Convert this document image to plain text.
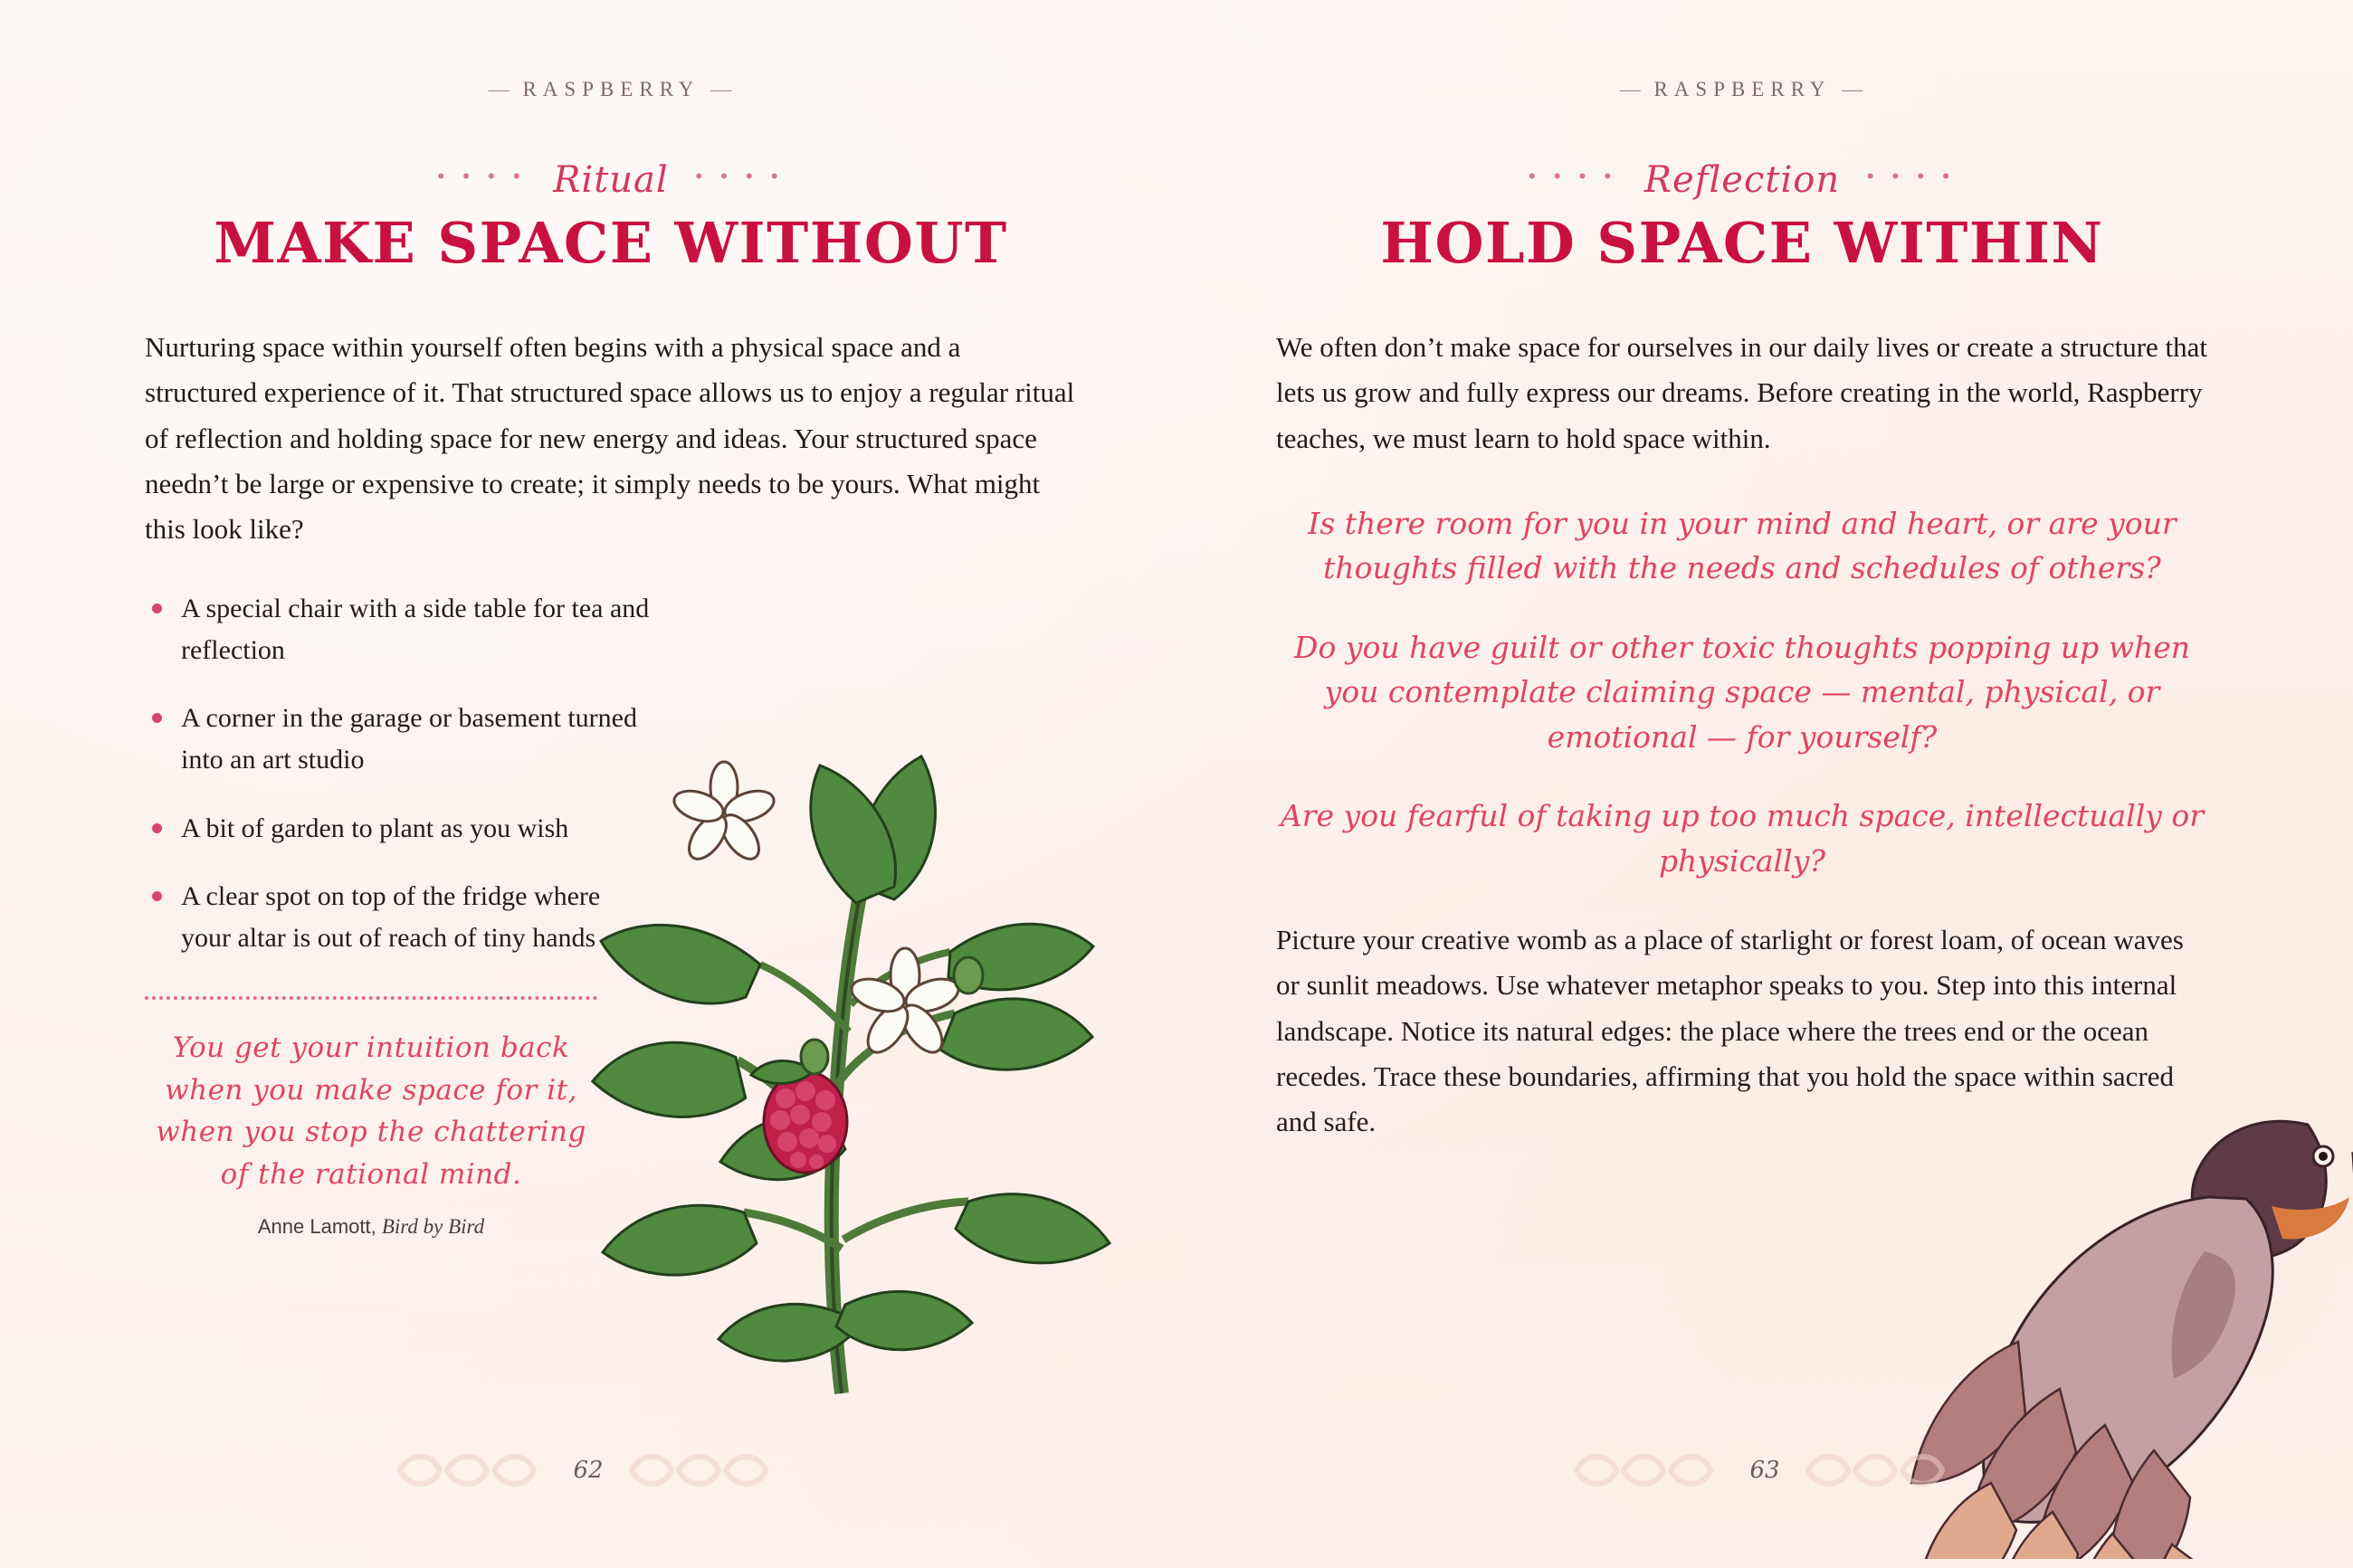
— RASPBERRY —
• • • • Ritual • • • •
MAKE SPACE WITHOUT

Nurturing space within yourself often begins with a physical space and a structured experience of it. That structured space allows us to enjoy a regular ritual of reflection and holding space for new energy and ideas. Your structured space needn’t be large or expensive to create; it simply needs to be yours. What might this look like?

A special chair with a side table for tea and reflection
A corner in the garage or basement turned into an art studio
A bit of garden to plant as you wish
A clear spot on top of the fridge where your altar is out of reach of tiny hands
You get your intuition back when you make space for it, when you stop the chattering of the rational mind.
Anne Lamott, Bird by Bird
62
— RASPBERRY —
• • • • Reflection • • • •
HOLD SPACE WITHIN

We often don’t make space for ourselves in our daily lives or create a structure that lets us grow and fully express our dreams. Before creating in the world, Raspberry teaches, we must learn to hold space within.

Is there room for you in your mind and heart, or are your thoughts filled with the needs and schedules of others?

Do you have guilt or other toxic thoughts popping up when you contemplate claiming space — mental, physical, or emotional — for yourself?

Are you fearful of taking up too much space, intellectually or physically?

Picture your creative womb as a place of starlight or forest loam, of ocean waves or sunlit meadows. Use whatever metaphor speaks to you. Step into this internal landscape. Notice its natural edges: the place where the trees end or the ocean recedes. Trace these boundaries, affirming that you hold the space within sacred and safe.

63
